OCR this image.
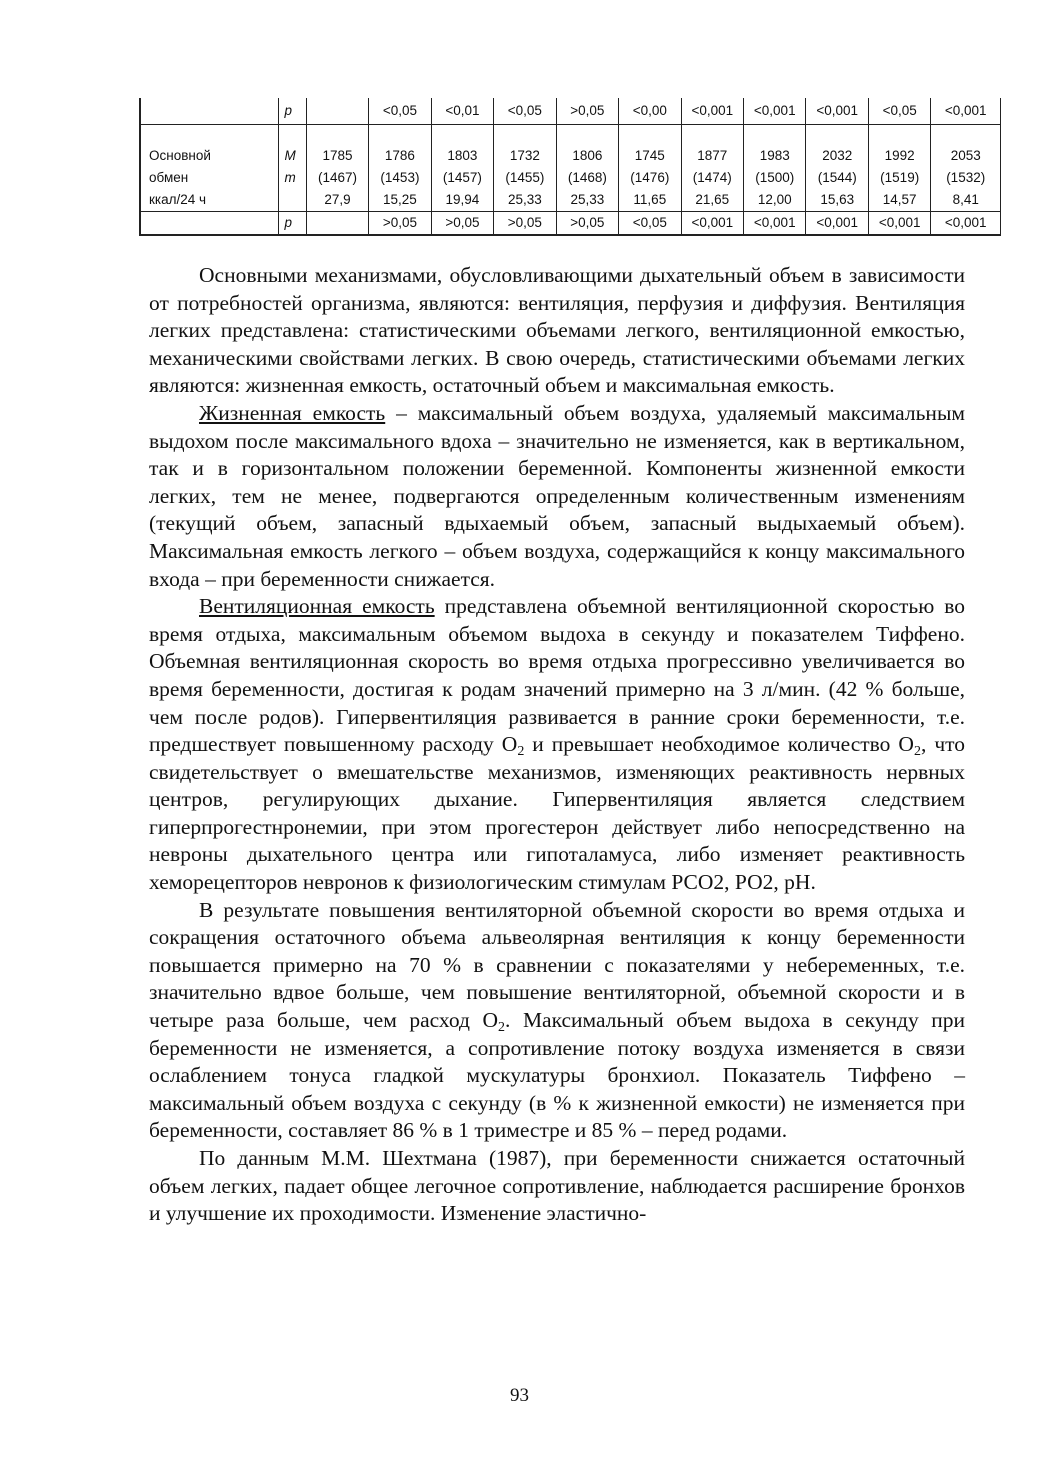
	p		<0,05	<0,01	<0,05	>0,05	<0,00	<0,001	<0,001	<0,001	<0,05	<0,001

Основной	M	1785	1786	1803	1732	1806	1745	1877	1983	2032	1992	2053
обмен	m	(1467)	(1453)	(1457)	(1455)	(1468)	(1476)	(1474)	(1500)	(1544)	(1519)	(1532)
ккал/24 ч		27,9	15,25	19,94	25,33	25,33	11,65	21,65	12,00	15,63	14,57	8,41
	p		>0,05	>0,05	>0,05	>0,05	<0,05	<0,001	<0,001	<0,001	<0,001	<0,001

Основными механизмами, обусловливающими дыхательный объем в зависимости от потребностей организма, являются: вентиляция, перфузия и диффузия. Вентиляция легких представлена: статистическими объемами легкого, вентиляционной емкостью, механическими свойствами легких. В свою очередь, статистическими объемами легких являются: жизненная емкость, остаточный объем и максимальная емкость.

Жизненная емкость – максимальный объем воздуха, удаляемый максимальным выдохом после максимального вдоха – значительно не изменяется, как в вертикальном, так и в горизонтальном положении беременной. Компоненты жизненной емкости легких, тем не менее, подвергаются определенным количественным изменениям (текущий объем, запасный вдыхаемый объем, запасный выдыхаемый объем). Максимальная емкость легкого – объем воздуха, содержащийся к концу максимального входа – при беременности снижается.

Вентиляционная емкость представлена объемной вентиляционной скоростью во время отдыха, максимальным объемом выдоха в секунду и показателем Тиффено. Объемная вентиляционная скорость во время отдыха прогрессивно увеличивается во время беременности, достигая к родам значений примерно на 3 л/мин. (42 % больше, чем после родов). Гипервентиляция развивается в ранние сроки беременности, т.е. предшествует повышенному расходу $О_2$ и превышает необходимое количество $О_2$, что свидетельствует о вмешательстве механизмов, изменяющих реактивность нервных центров, регулирующих дыхание. Гипервентиляция является следствием гиперпрогестнронемии, при этом прогестерон действует либо непосредственно на невроны дыхательного центра или гипоталамуса, либо изменяет реактивность хеморецепторов невронов к физиологическим стимулам РСО2, РО2, рН.

В результате повышения вентиляторной объемной скорости во время отдыха и сокращения остаточного объема альвеолярная вентиляция к концу беременности повышается примерно на 70 % в сравнении с показателями у небеременных, т.е. значительно вдвое больше, чем повышение вентиляторной, объемной скорости и в четыре раза больше, чем расход $О_2$. Максимальный объем выдоха в секунду при беременности не изменяется, а сопротивление потоку воздуха изменяется в связи ослаблением тонуса гладкой мускулатуры бронхиол. Показатель Тиффено – максимальный объем воздуха с секунду (в % к жизненной емкости) не изменяется при беременности, составляет 86 % в 1 триместре и 85 % – перед родами.

По данным М.М. Шехтмана (1987), при беременности снижается остаточный объем легких, падает общее легочное сопротивление, наблюдается расширение бронхов и улучшение их проходимости. Изменение эластично-

93
